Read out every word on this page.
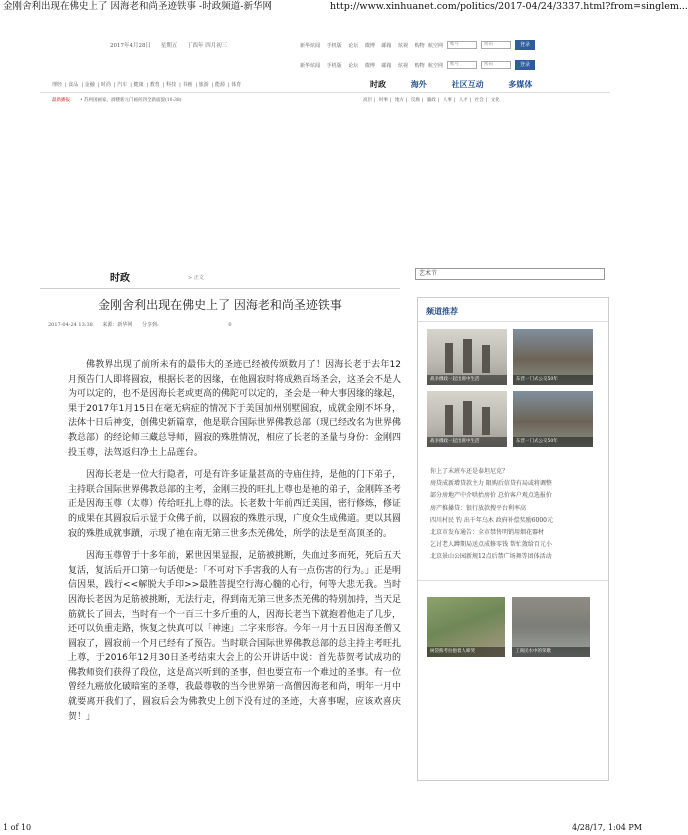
金刚舍利出现在佛史上了 因海老和尚圣迹铁事 -时政频道-新华网	http://www.xinhuanet.com/politics/2017-04/24/3337.html?from=singlem...
2017年4月28日 星期五 丁酉年 四月初三	新华炫闻 手机版 论坛 微博 邮箱 炫视 购物 航空网	帐号	密码	登录
新华炫闻 手机版 论坛 微博 邮箱 炫视 购物 航空网	帐号	密码	登录
理经 | 食品 | 金融 | 时尚 | 汽车 | 健康 | 教育 | 科技 | 书画 | 旅游 | 能源 | 体育	时政	海外	社区互动	多媒体
最新播报： • 苏州国画家，酒楼新元门画何四全新面貌(10:38)	高层 | 时事 | 地方 | 反腐 | 廉政 | 人事 | 人才 | 社会 | 文化
时政	> 正文
艺术节
金刚舍利出现在佛史上了 因海老和尚圣迹铁事
2017-04-24 13:38 来源：新华网 分享到:	0

佛教界出现了前所未有的最伟大的圣迹已经被传颂数月了！因海长老于去年12月预告门人即将圆寂，根据长老的因缘，在他圆寂时将成熟百场圣会，这圣会不是人为可以定的，也不是因海长老或更高的佛陀可以定的，圣会是一种大事因缘的缘起，果于2017年1月15日在毫无病症的情况下于美国加州别墅圆寂，成就金刚不坏身，法体十日后神变，创佛史新篇章，他是联合国际世界佛教总部（现已经改名为世界佛教总部）的经论师三藏总导师，圆寂的殊胜情况，相应了长老的圣量与身份：金刚四投玉尊，法驾返归净土上品莲台。

因海长老是一位大行隐者，可是有许多证量甚高的寺庙住持，是他的门下弟子，主持联合国际世界佛教总部的主考，金刚三投的旺扎上尊也是祂的弟子，金刚阵圣考正是因海玉尊（太尊）传给旺扎上尊的法。长老数十年前西迁美国，密行修炼，修证的成果在其圆寂后示显于众佛子前，以圆寂的殊胜示现，广度众生成佛道。更以其圆寂的殊胜成就事蹟，示现了祂在南无第三世多杰羌佛处，所学的法是至高顶圣的。

因海玉尊曾于十多年前，累世因果显报，足筋被挑断，失血过多而死，死后五天复活，复活后开口第一句话便是：「不可对下手害我的人有一点伤害的行为。」正是明信因果，践行<<解脱大手印>>最胜菩提空行海心髓的心行，何等大悲无我。当时因海长老因为足筋被挑断，无法行走，得到南无第三世多杰羌佛的特别加持，当天足筋就长了回去，当时有一个一百三十多斤重的人，因海长老当下就抱着他走了几步，还可以负重走路，恢复之快真可以「神速」二字来形容。今年一月十五日因海圣僧又圆寂了，圆寂前一个月已经有了预告。当时联合国际世界佛教总部的总主持主考旺扎上尊，于2016年12月30日圣考结束大会上的公开讲话中说：首先恭贺考试成功的佛教师资们获得了段位，这是高兴听到的圣事，但也要宣布一个难过的圣事。有一位曾经九癌放化破暗室的圣尊，我最尊敬的当今世界第一高僧因海老和尚，明年一月中就要离开我们了，圆寂后会为佛教史上创下没有过的圣迹，大喜事喔，应该欢喜庆贺！」

频道推荐
战争摄政一起出席中生活	东营一门式公交50年
战争摄政一起出席中生活	东营一门式公交50年
你上了末班车还是泰坦尼克？
房贷成新增贷款主力 限购后信贷有局或将调整
部分房地产中介哄抬房价 总价客户观点选报价
房产推搡贷：银行放款搜平台利率高
四川村民 钓 出千年乌木 政府补偿奖励6000元
北京市发布通告：全市禁售明销用烟花器材
乞讨老人蹲期局送点成修零钱 帮忙敛给百元小
北京景山公园新规12点后禁广场舞等团体活动
树袋熊考拉抱着人啼哭	工商民水中的荣歌
1 of 10	4/28/17, 1:04 PM
